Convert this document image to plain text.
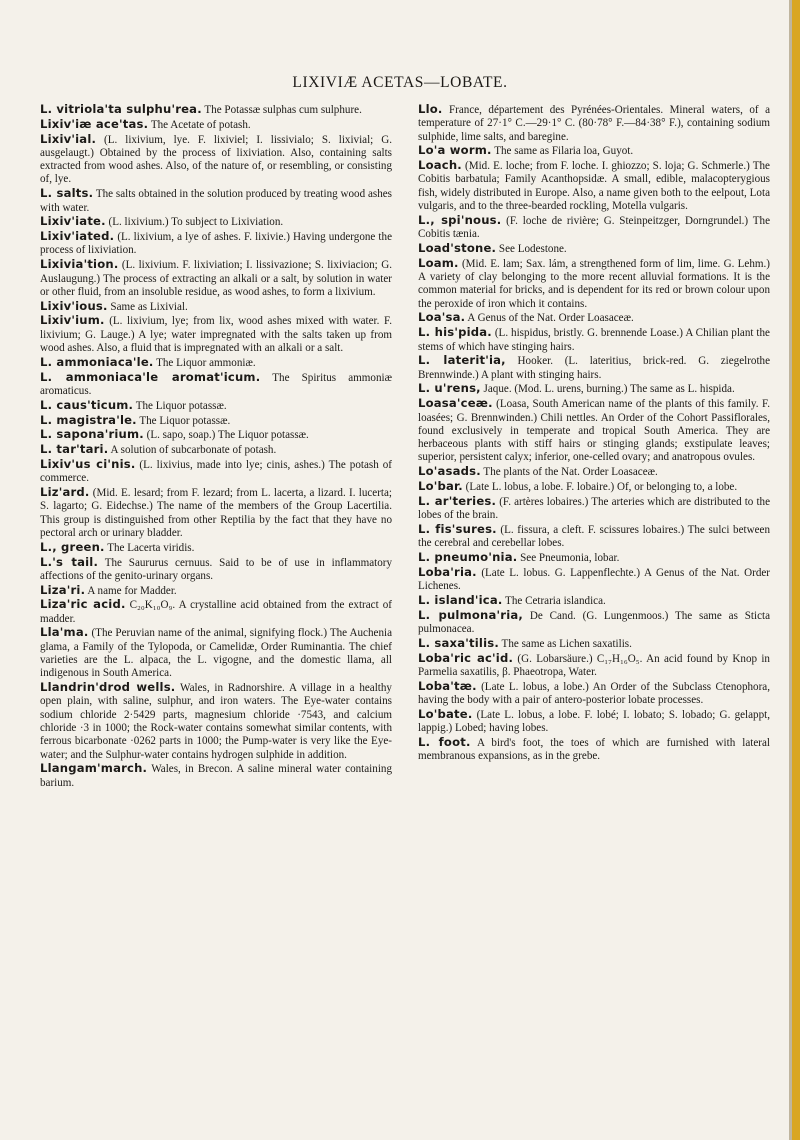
LIXIVIÆ ACETAS—LOBATE.

L. vitriola'ta sulphu'rea. The Potassæ sulphas cum sulphure.

Lixiv'iæ ace'tas. The Acetate of potash.

Lixiv'ial. (L. lixivium, lye. F. lixiviel; I. lissivialo; S. lixivial; G. ausgelaugt.) Obtained by the process of lixiviation. Also, containing salts extracted from wood ashes. Also, of the nature of, or resembling, or consisting of, lye.

L. salts. The salts obtained in the solution produced by treating wood ashes with water.

Lixiv'iate. (L. lixivium.) To subject to Lixiviation.

Lixiv'iated. (L. lixivium, a lye of ashes. F. lixivie.) Having undergone the process of lixiviation.

Lixivia'tion. (L. lixivium. F. lixiviation; I. lissivazione; S. lixiviacion; G. Auslaugung.) The process of extracting an alkali or a salt, by solution in water or other fluid, from an insoluble residue, as wood ashes, to form a lixivium.

Lixiv'ious. Same as Lixivial.

Lixiv'ium. (L. lixivium, lye; from lix, wood ashes mixed with water. F. lixivium; G. Lauge.) A lye; water impregnated with the salts taken up from wood ashes. Also, a fluid that is impregnated with an alkali or a salt.

L. ammoniaca'le. The Liquor ammoniæ.

L. ammoniaca'le aromat'icum. The Spiritus ammoniæ aromaticus.

L. caus'ticum. The Liquor potassæ.

L. magistra'le. The Liquor potassæ.

L. sapona'rium. (L. sapo, soap.) The Liquor potassæ.

L. tar'tari. A solution of subcarbonate of potash.

Lixiv'us ci'nis. (L. lixivius, made into lye; cinis, ashes.) The potash of commerce.

Liz'ard. (Mid. E. lesard; from F. lezard; from L. lacerta, a lizard. I. lucerta; S. lagarto; G. Eidechse.) The name of the members of the Group Lacertilia. This group is distinguished from other Reptilia by the fact that they have no pectoral arch or urinary bladder.

L., green. The Lacerta viridis.

L.'s tail. The Saururus cernuus. Said to be of use in inflammatory affections of the genito-urinary organs.

Liza'ri. A name for Madder.

Liza'ric acid. C₂₀K₁₀O₉. A crystalline acid obtained from the extract of madder.

Lla'ma. (The Peruvian name of the animal, signifying flock.) The Auchenia glama, a Family of the Tylopoda, or Camelidæ, Order Ruminantia. The chief varieties are the L. alpaca, the L. vigogne, and the domestic llama, all indigenous in South America.

Llandrin'drod wells. Wales, in Radnorshire. A village in a healthy open plain, with saline, sulphur, and iron waters. The Eye-water contains sodium chloride 2·5429 parts, magnesium chloride ·7543, and calcium chloride ·3 in 1000; the Rock-water contains somewhat similar contents, with ferrous bicarbonate ·0262 parts in 1000; the Pump-water is very like the Eye-water; and the Sulphur-water contains hydrogen sulphide in addition.

Llangam'march. Wales, in Brecon. A saline mineral water containing barium.

Llo. France, département des Pyrénées-Orientales. Mineral waters, of a temperature of 27·1° C.—29·1° C. (80·78° F.—84·38° F.), containing sodium sulphide, lime salts, and baregine.

Lo'a worm. The same as Filaria loa, Guyot.

Loach. (Mid. E. loche; from F. loche. I. ghiozzo; S. loja; G. Schmerle.) The Cobitis barbatula; Family Acanthopsidæ. A small, edible, malacopterygious fish, widely distributed in Europe. Also, a name given both to the eelpout, Lota vulgaris, and to the three-bearded rockling, Motella vulgaris.

L., spi'nous. (F. loche de rivière; G. Steinpeitzger, Dorngrundel.) The Cobitis tænia.

Load'stone. See Lodestone.

Loam. (Mid. E. lam; Sax. lám, a strengthened form of lim, lime. G. Lehm.) A variety of clay belonging to the more recent alluvial formations. It is the common material for bricks, and is dependent for its red or brown colour upon the peroxide of iron which it contains.

Loa'sa. A Genus of the Nat. Order Loasaceæ.

L. his'pida. (L. hispidus, bristly. G. brennende Loase.) A Chilian plant the stems of which have stinging hairs.

L. laterit'ia, Hooker. (L. lateritius, brick-red. G. ziegelrothe Brennwinde.) A plant with stinging hairs.

L. u'rens, Jaque. (Mod. L. urens, burning.) The same as L. hispida.

Loasa'ceæ. (Loasa, South American name of the plants of this family. F. loasées; G. Brennwinden.) Chili nettles. An Order of the Cohort Passiflorales, found exclusively in temperate and tropical South America. They are herbaceous plants with stiff hairs or stinging glands; exstipulate leaves; superior, persistent calyx; inferior, one-celled ovary; and anatropous ovules.

Lo'asads. The plants of the Nat. Order Loasaceæ.

Lo'bar. (Late L. lobus, a lobe. F. lobaire.) Of, or belonging to, a lobe.

L. ar'teries. (F. artères lobaires.) The arteries which are distributed to the lobes of the brain.

L. fis'sures. (L. fissura, a cleft. F. scissures lobaires.) The sulci between the cerebral and cerebellar lobes.

L. pneumo'nia. See Pneumonia, lobar.

Loba'ria. (Late L. lobus. G. Lappenflechte.) A Genus of the Nat. Order Lichenes.

L. island'ica. The Cetraria islandica.

L. pulmona'ria, De Cand. (G. Lungenmoos.) The same as Sticta pulmonacea.

L. saxa'tilis. The same as Lichen saxatilis.

Loba'ric ac'id. (G. Lobarsäure.) C₁₇H₁₆O₅. An acid found by Knop in Parmelia saxatilis, β. Phaeotropa, Water.

Loba'tæ. (Late L. lobus, a lobe.) An Order of the Subclass Ctenophora, having the body with a pair of antero-posterior lobate processes.

Lo'bate. (Late L. lobus, a lobe. F. lobé; I. lobato; S. lobado; G. gelappt, lappig.) Lobed; having lobes.

L. foot. A bird's foot, the toes of which are furnished with lateral membranous expansions, as in the grebe.
